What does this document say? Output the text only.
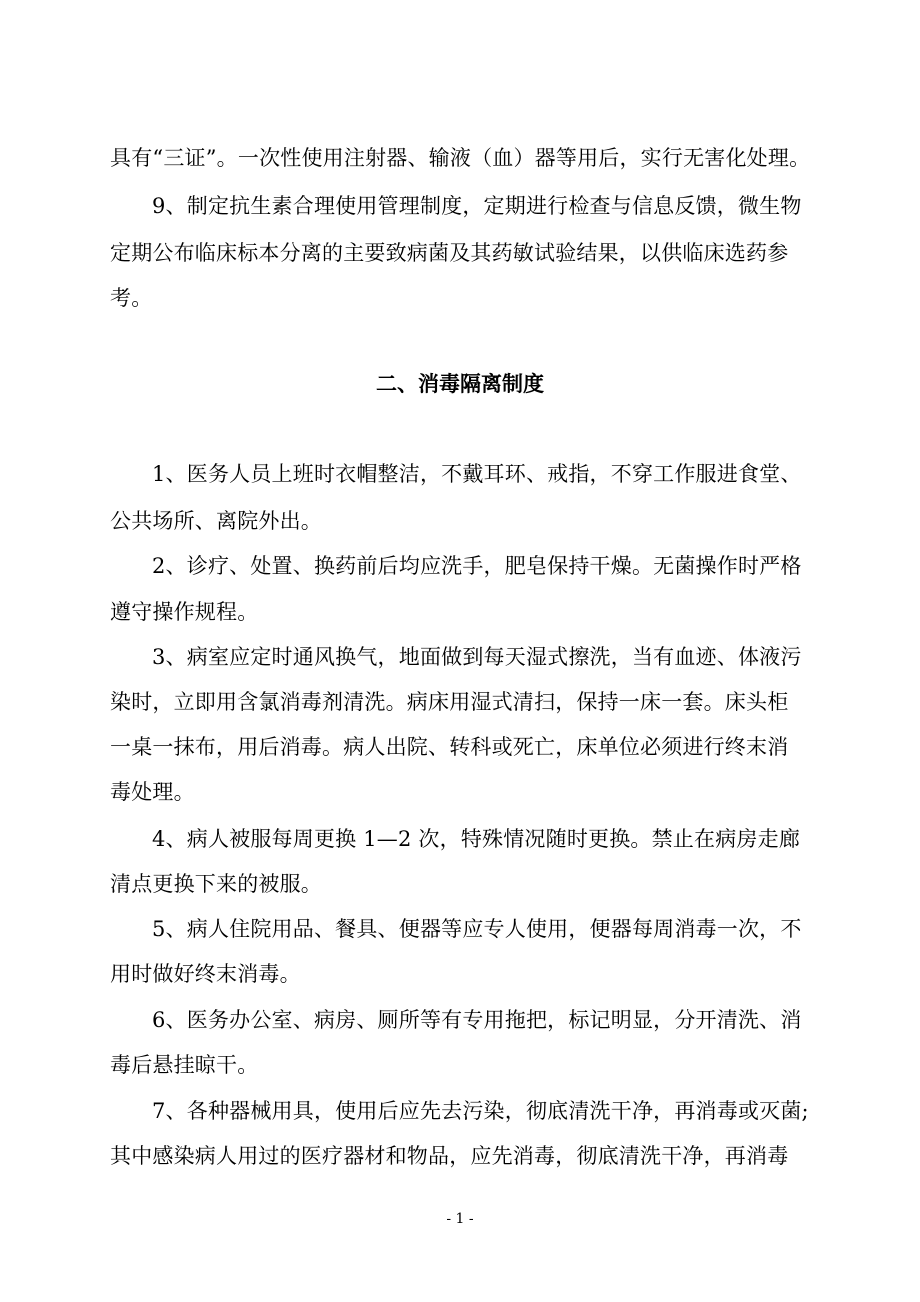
具有“三证”。一次性使用注射器、输液（血）器等用后，实行无害化处理。
9、制定抗生素合理使用管理制度，定期进行检查与信息反馈，微生物
定期公布临床标本分离的主要致病菌及其药敏试验结果，以供临床选药参
考。
二、消毒隔离制度
1、医务人员上班时衣帽整洁，不戴耳环、戒指，不穿工作服进食堂、
公共场所、离院外出。
2、诊疗、处置、换药前后均应洗手，肥皂保持干燥。无菌操作时严格
遵守操作规程。
3、病室应定时通风换气，地面做到每天湿式擦洗，当有血迹、体液污
染时，立即用含氯消毒剂清洗。病床用湿式清扫，保持一床一套。床头柜
一桌一抹布，用后消毒。病人出院、转科或死亡，床单位必须进行终末消
毒处理。
4、病人被服每周更换 1—2 次，特殊情况随时更换。禁止在病房走廊
清点更换下来的被服。
5、病人住院用品、餐具、便器等应专人使用，便器每周消毒一次，不
用时做好终末消毒。
6、医务办公室、病房、厕所等有专用拖把，标记明显，分开清洗、消
毒后悬挂晾干。
7、各种器械用具，使用后应先去污染，彻底清洗干净，再消毒或灭菌;
其中感染病人用过的医疗器材和物品，应先消毒，彻底清洗干净，再消毒
- 1 -
